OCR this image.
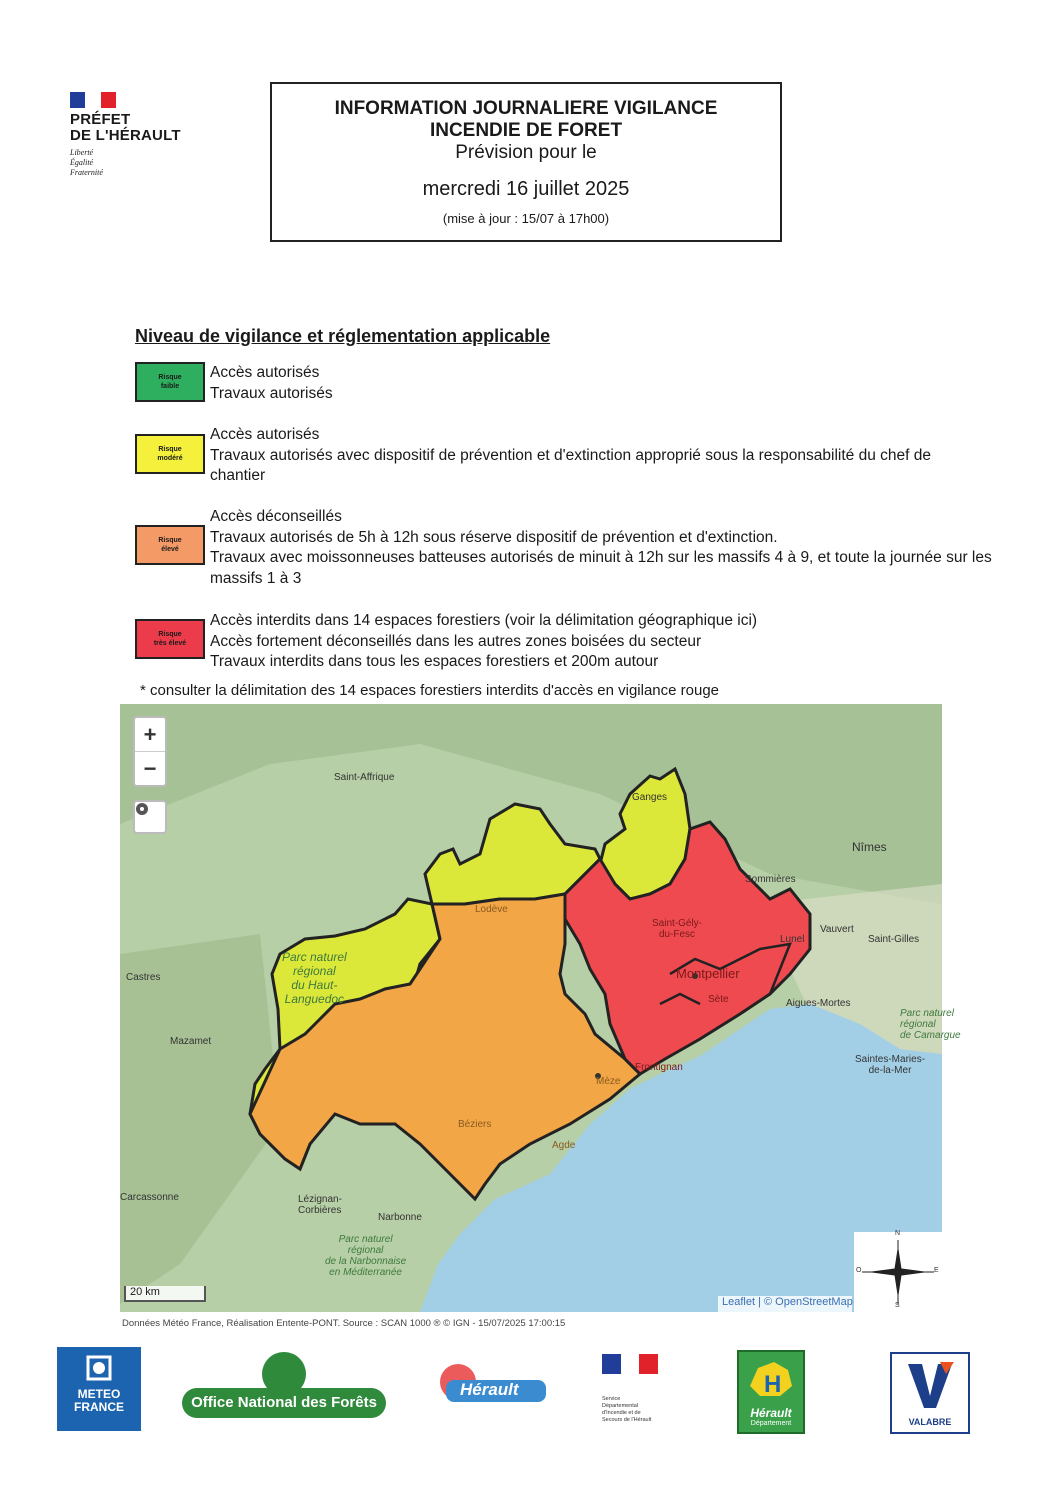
PRÉFET
DE L'HÉRAULT
Liberté
Égalité
Fraternité
INFORMATION JOURNALIERE VIGILANCE
INCENDIE DE FORET
Prévision pour le
mercredi 16 juillet 2025
(mise à jour : 15/07 à 17h00)
Niveau de vigilance et réglementation applicable
Risque
faible
Accès autorisés
Travaux autorisés
Risque
modéré
Accès autorisés
Travaux autorisés avec dispositif de prévention et d'extinction approprié sous la responsabilité du chef de chantier
Risque
élevé
Accès déconseillés
Travaux autorisés de 5h à 12h sous réserve dispositif de prévention et d'extinction.
Travaux avec moissonneuses batteuses autorisés de minuit à 12h sur les massifs 4 à 9, et toute la journée sur les massifs 1 à 3
Risque
très élevé
Accès interdits dans 14 espaces forestiers (voir la délimitation géographique ici)
Accès fortement déconseillés dans les autres zones boisées du secteur
Travaux interdits dans tous les espaces forestiers et 200m autour
* consulter la délimitation des 14 espaces forestiers interdits d'accès en vigilance rouge
Saint-Affrique
Ganges
Sommières
Nîmes
Vauvert
Saint-Gilles
Lunel
Aigues-Mortes
Saintes-Maries-
de-la-Mer
Castres
Mazamet
Lodève
Saint-Gély-
du-Fesc
Montpellier
Sète
Mèze
Frontignan
Béziers
Agde
Carcassonne	Lézignan-
Corbières
Narbonne
Parc naturel
régional
du Haut-
Languedoc
Parc naturel
régional
de la Narbonnaise
en Méditerranée
Parc naturel
régional
de Camargue
+
−
20 km
Leaflet | © OpenStreetMap
N
S
E
O
Données Météo France, Réalisation Entente-PONT. Source : SCAN 1000 ® © IGN - 15/07/2025 17:00:15
METEO
FRANCE	Office National des Forêts
Hérault	Service
Départemental
d'Incendie et de
Secours de l'Hérault
H
Hérault
Département	VALABRE
